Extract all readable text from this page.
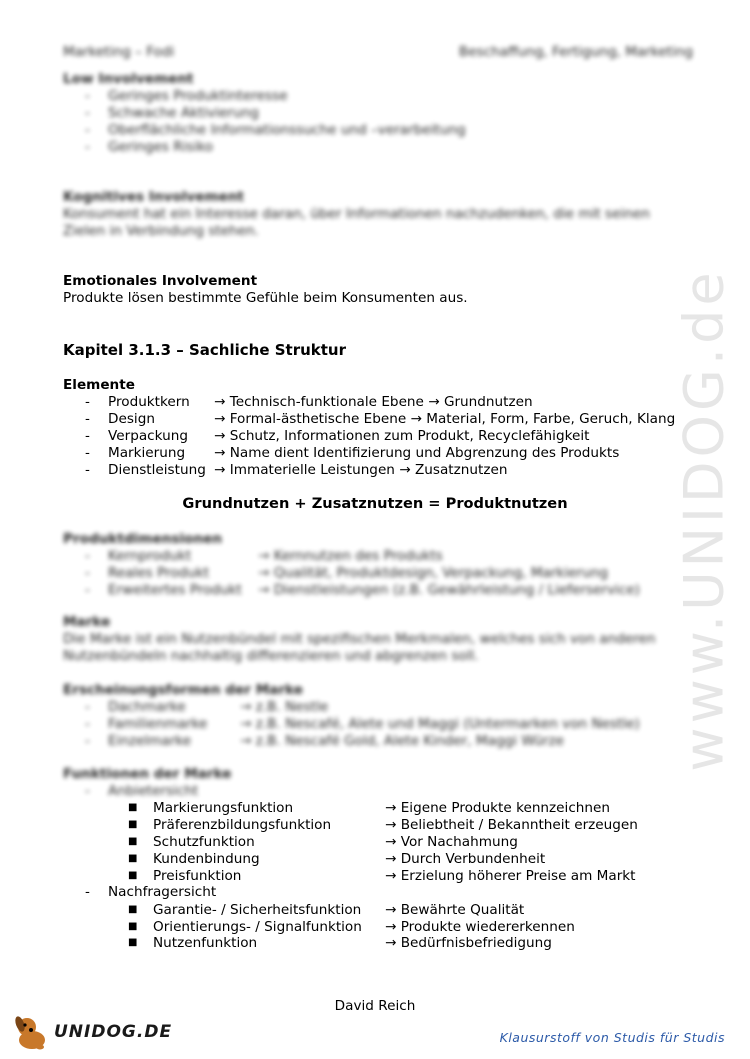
www.UNIDOG.de
Marketing – Fodi	Beschaffung, Fertigung, Marketing
Low Involvement
- Geringes Produktinteresse
- Schwache Aktivierung
- Oberflächliche Informationssuche und –verarbeitung
- Geringes Risiko
Kognitives Involvement
Konsument hat ein Interesse daran, über Informationen nachzudenken, die mit seinen
Zielen in Verbindung stehen.
Emotionales Involvement
Produkte lösen bestimmte Gefühle beim Konsumenten aus.
Kapitel 3.1.3 – Sachliche Struktur
Elemente
- Produktkern → Technisch-funktionale Ebene → Grundnutzen
- Design	→ Formal-ästhetische Ebene → Material, Form, Farbe, Geruch, Klang
- Verpackung → Schutz, Informationen zum Produkt, Recyclefähigkeit
- Markierung → Name dient Identifizierung und Abgrenzung des Produkts
- Dienstleistung → Immaterielle Leistungen → Zusatznutzen
Grundnutzen + Zusatznutzen = Produktnutzen
Produktdimensionen
- Kernprodukt	→ Kernnutzen des Produkts
- Reales Produkt	→ Qualität, Produktdesign, Verpackung, Markierung
- Erweitertes Produkt → Dienstleistungen (z.B. Gewährleistung / Lieferservice)
Marke
Die Marke ist ein Nutzenbündel mit spezifischen Merkmalen, welches sich von anderen
Nutzenbündeln nachhaltig differenzieren und abgrenzen soll.
Erscheinungsformen der Marke
- Dachmarke	→ z.B. Nestle
- Familienmarke → z.B. Nescafé, Alete und Maggi (Untermarken von Nestle)
- Einzelmarke	→ z.B. Nescafé Gold, Alete Kinder, Maggi Würze
Funktionen der Marke
- Anbietersicht
■ Markierungsfunktion	→ Eigene Produkte kennzeichnen
■ Präferenzbildungsfunktion	→ Beliebtheit / Bekanntheit erzeugen
■ Schutzfunktion	→ Vor Nachahmung
■ Kundenbindung	→ Durch Verbundenheit
■ Preisfunktion	→ Erzielung höherer Preise am Markt
- Nachfragersicht
■ Garantie- / Sicherheitsfunktion → Bewährte Qualität
■ Orientierungs- / Signalfunktion → Produkte wiedererkennen
■ Nutzenfunktion	→ Bedürfnisbefriedigung
David Reich
UNIDOG.DE	Klausurstoff von Studis für Studis
